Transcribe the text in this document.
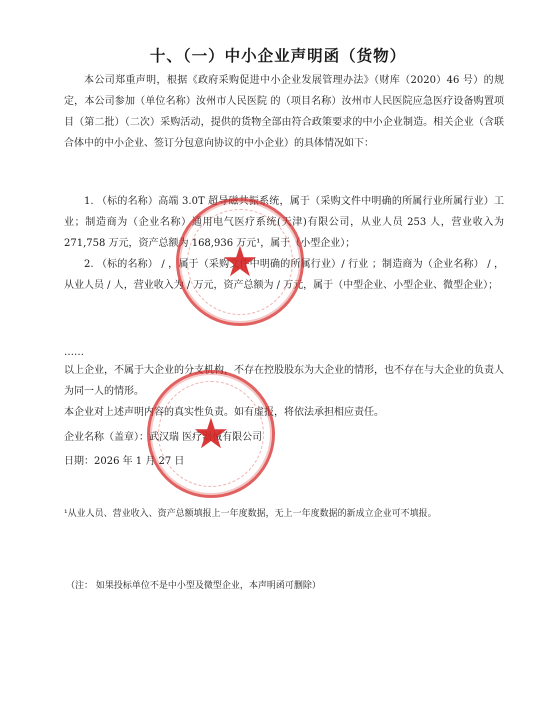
十、（一）中小企业声明函（货物）
本公司郑重声明，根据《政府采购促进中小企业发展管理办法》（财库（2020）46 号）的规定，本公司参加（单位名称）汝州市人民医院 的（项目名称）汝州市人民医院应急医疗设备购置项目（第二批）（二次）采购活动，提供的货物全部由符合政策要求的中小企业制造。相关企业（含联合体中的中小企业、签订分包意向协议的中小企业）的具体情况如下：
1. （标的名称）高端 3.0T 超导磁共振系统，属于（采购文件中明确的所属行业所属行业）工业；制造商为（企业名称）通用电气医疗系统(天津)有限公司，从业人员 253 人，营业收入为 271,758 万元，资产总额为 168,936 万元¹，属于（小型企业）；
2. （标的名称） / ，属于（采购文件中明确的所属行业）/ 行业 ；制造商为（企业名称） / ，从业人员 / 人，营业收入为 / 万元，资产总额为 / 万元，属于（中型企业、小型企业、微型企业）；
……
以上企业，不属于大企业的分支机构，不存在控股股东为大企业的情形，也不存在与大企业的负责人为同一人的情形。
本企业对上述声明内容的真实性负责。如有虚报，将依法承担相应责任。
企业名称（盖章）：武汉瑞 医疗器械有限公司
日期：2026 年 1 月 27 日
¹从业人员、营业收入、资产总额填报上一年度数据，无上一年度数据的新成立企业可不填报。
（注： 如果投标单位不是中小型及微型企业，本声明函可删除）
★
★
